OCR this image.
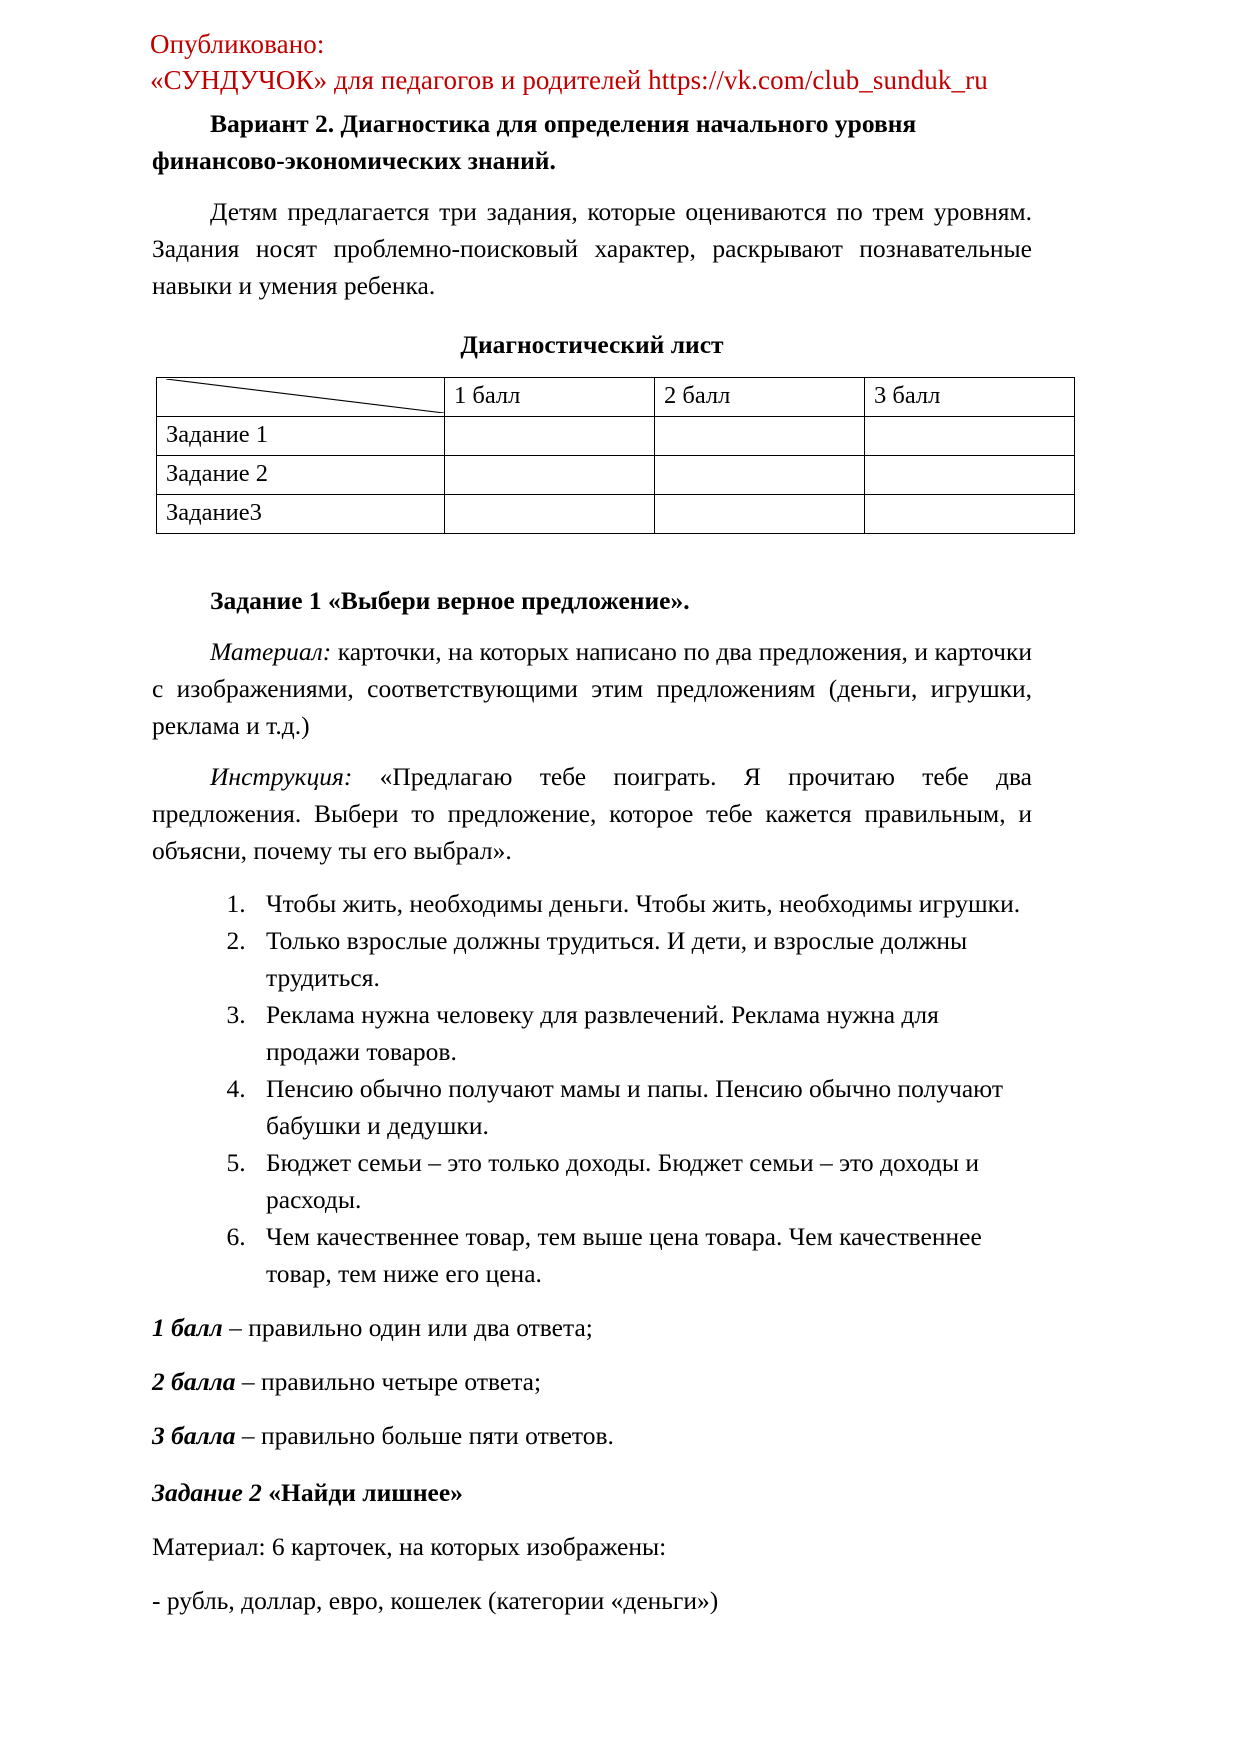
Опубликовано:
«СУНДУЧОК» для педагогов и родителей https://vk.com/club_sunduk_ru

Вариант 2. Диагностика для определения начального уровня

финансово-экономических знаний.

Детям предлагается три задания, которые оцениваются по трем уровням. Задания носят проблемно-поисковый характер, раскрывают познавательные навыки и умения ребенка.

Диагностический лист

	1 балл	2 балл	3 балл
Задание 1			
Задание 2			
Задание3			

Задание 1 «Выбери верное предложение».

Материал: карточки, на которых написано по два предложения, и карточки с изображениями, соответствующими этим предложениям (деньги, игрушки, реклама и т.д.)

Инструкция: «Предлагаю тебе поиграть. Я прочитаю тебе два предложения. Выбери то предложение, которое тебе кажется правильным, и объясни, почему ты его выбрал».

1. Чтобы жить, необходимы деньги. Чтобы жить, необходимы игрушки.
2. Только взрослые должны трудиться. И дети, и взрослые должны трудиться.
3. Реклама нужна человеку для развлечений. Реклама нужна для продажи товаров.
4. Пенсию обычно получают мамы и папы. Пенсию обычно получают бабушки и дедушки.
5. Бюджет семьи – это только доходы. Бюджет семьи – это доходы и расходы.
6. Чем качественнее товар, тем выше цена товара. Чем качественнее товар, тем ниже его цена.

1 балл – правильно один или два ответа;

2 балла – правильно четыре ответа;

3 балла – правильно больше пяти ответов.

Задание 2 «Найди лишнее»

Материал: 6 карточек, на которых изображены:

- рубль, доллар, евро, кошелек (категории «деньги»)
